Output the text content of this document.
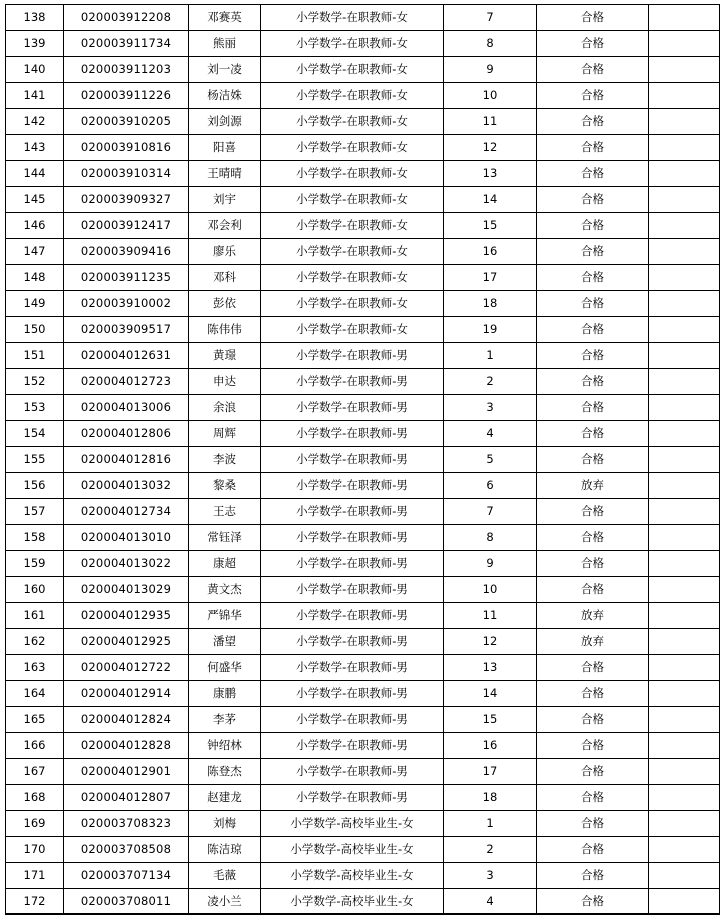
138	020003912208	邓赛英	小学数学-在职教师-女	7	合格	
139	020003911734	熊丽	小学数学-在职教师-女	8	合格	
140	020003911203	刘一凌	小学数学-在职教师-女	9	合格	
141	020003911226	杨洁姝	小学数学-在职教师-女	10	合格	
142	020003910205	刘剑源	小学数学-在职教师-女	11	合格	
143	020003910816	阳喜	小学数学-在职教师-女	12	合格	
144	020003910314	王晴晴	小学数学-在职教师-女	13	合格	
145	020003909327	刘宇	小学数学-在职教师-女	14	合格	
146	020003912417	邓会利	小学数学-在职教师-女	15	合格	
147	020003909416	廖乐	小学数学-在职教师-女	16	合格	
148	020003911235	邓科	小学数学-在职教师-女	17	合格	
149	020003910002	彭依	小学数学-在职教师-女	18	合格	
150	020003909517	陈伟伟	小学数学-在职教师-女	19	合格	
151	020004012631	黄璟	小学数学-在职教师-男	1	合格	
152	020004012723	申达	小学数学-在职教师-男	2	合格	
153	020004013006	余浪	小学数学-在职教师-男	3	合格	
154	020004012806	周辉	小学数学-在职教师-男	4	合格	
155	020004012816	李波	小学数学-在职教师-男	5	合格	
156	020004013032	黎桑	小学数学-在职教师-男	6	放弃	
157	020004012734	王志	小学数学-在职教师-男	7	合格	
158	020004013010	常钰泽	小学数学-在职教师-男	8	合格	
159	020004013022	康超	小学数学-在职教师-男	9	合格	
160	020004013029	黄文杰	小学数学-在职教师-男	10	合格	
161	020004012935	严锦华	小学数学-在职教师-男	11	放弃	
162	020004012925	潘望	小学数学-在职教师-男	12	放弃	
163	020004012722	何盛华	小学数学-在职教师-男	13	合格	
164	020004012914	康鹏	小学数学-在职教师-男	14	合格	
165	020004012824	李茅	小学数学-在职教师-男	15	合格	
166	020004012828	钟绍林	小学数学-在职教师-男	16	合格	
167	020004012901	陈登杰	小学数学-在职教师-男	17	合格	
168	020004012807	赵建龙	小学数学-在职教师-男	18	合格	
169	020003708323	刘梅	小学数学-高校毕业生-女	1	合格	
170	020003708508	陈洁琼	小学数学-高校毕业生-女	2	合格	
171	020003707134	毛薇	小学数学-高校毕业生-女	3	合格	
172	020003708011	凌小兰	小学数学-高校毕业生-女	4	合格	
